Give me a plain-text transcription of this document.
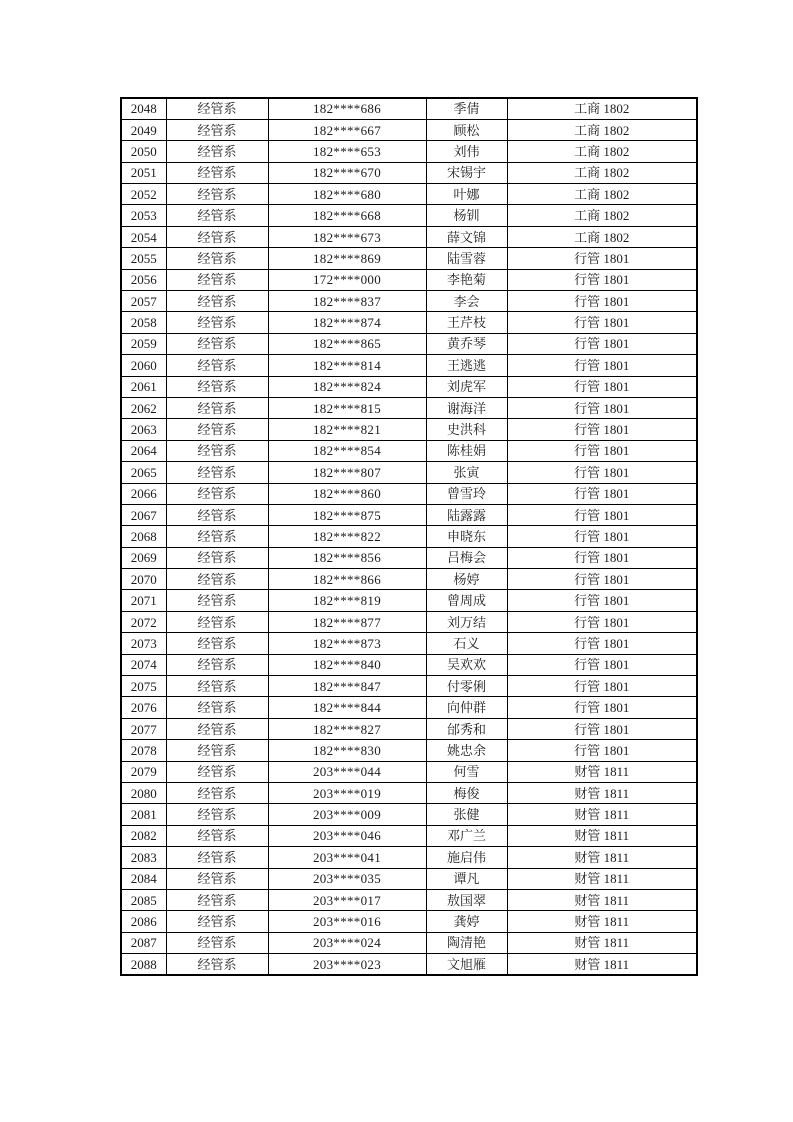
2048	经管系	182****686	季倩	工商 1802
2049	经管系	182****667	顾松	工商 1802
2050	经管系	182****653	刘伟	工商 1802
2051	经管系	182****670	宋锡宇	工商 1802
2052	经管系	182****680	叶娜	工商 1802
2053	经管系	182****668	杨钏	工商 1802
2054	经管系	182****673	薛文锦	工商 1802
2055	经管系	182****869	陆雪蓉	行管 1801
2056	经管系	172****000	李艳菊	行管 1801
2057	经管系	182****837	李会	行管 1801
2058	经管系	182****874	王芹枝	行管 1801
2059	经管系	182****865	黄乔琴	行管 1801
2060	经管系	182****814	王逃逃	行管 1801
2061	经管系	182****824	刘虎军	行管 1801
2062	经管系	182****815	谢海洋	行管 1801
2063	经管系	182****821	史洪科	行管 1801
2064	经管系	182****854	陈桂娟	行管 1801
2065	经管系	182****807	张寅	行管 1801
2066	经管系	182****860	曾雪玲	行管 1801
2067	经管系	182****875	陆露露	行管 1801
2068	经管系	182****822	申晓东	行管 1801
2069	经管系	182****856	吕梅会	行管 1801
2070	经管系	182****866	杨婷	行管 1801
2071	经管系	182****819	曾周成	行管 1801
2072	经管系	182****877	刘万结	行管 1801
2073	经管系	182****873	石义	行管 1801
2074	经管系	182****840	吴欢欢	行管 1801
2075	经管系	182****847	付零俐	行管 1801
2076	经管系	182****844	向仲群	行管 1801
2077	经管系	182****827	邰秀和	行管 1801
2078	经管系	182****830	姚忠余	行管 1801
2079	经管系	203****044	何雪	财管 1811
2080	经管系	203****019	梅俊	财管 1811
2081	经管系	203****009	张健	财管 1811
2082	经管系	203****046	邓广兰	财管 1811
2083	经管系	203****041	施启伟	财管 1811
2084	经管系	203****035	谭凡	财管 1811
2085	经管系	203****017	敖国翠	财管 1811
2086	经管系	203****016	龚婷	财管 1811
2087	经管系	203****024	陶清艳	财管 1811
2088	经管系	203****023	文旭雁	财管 1811
